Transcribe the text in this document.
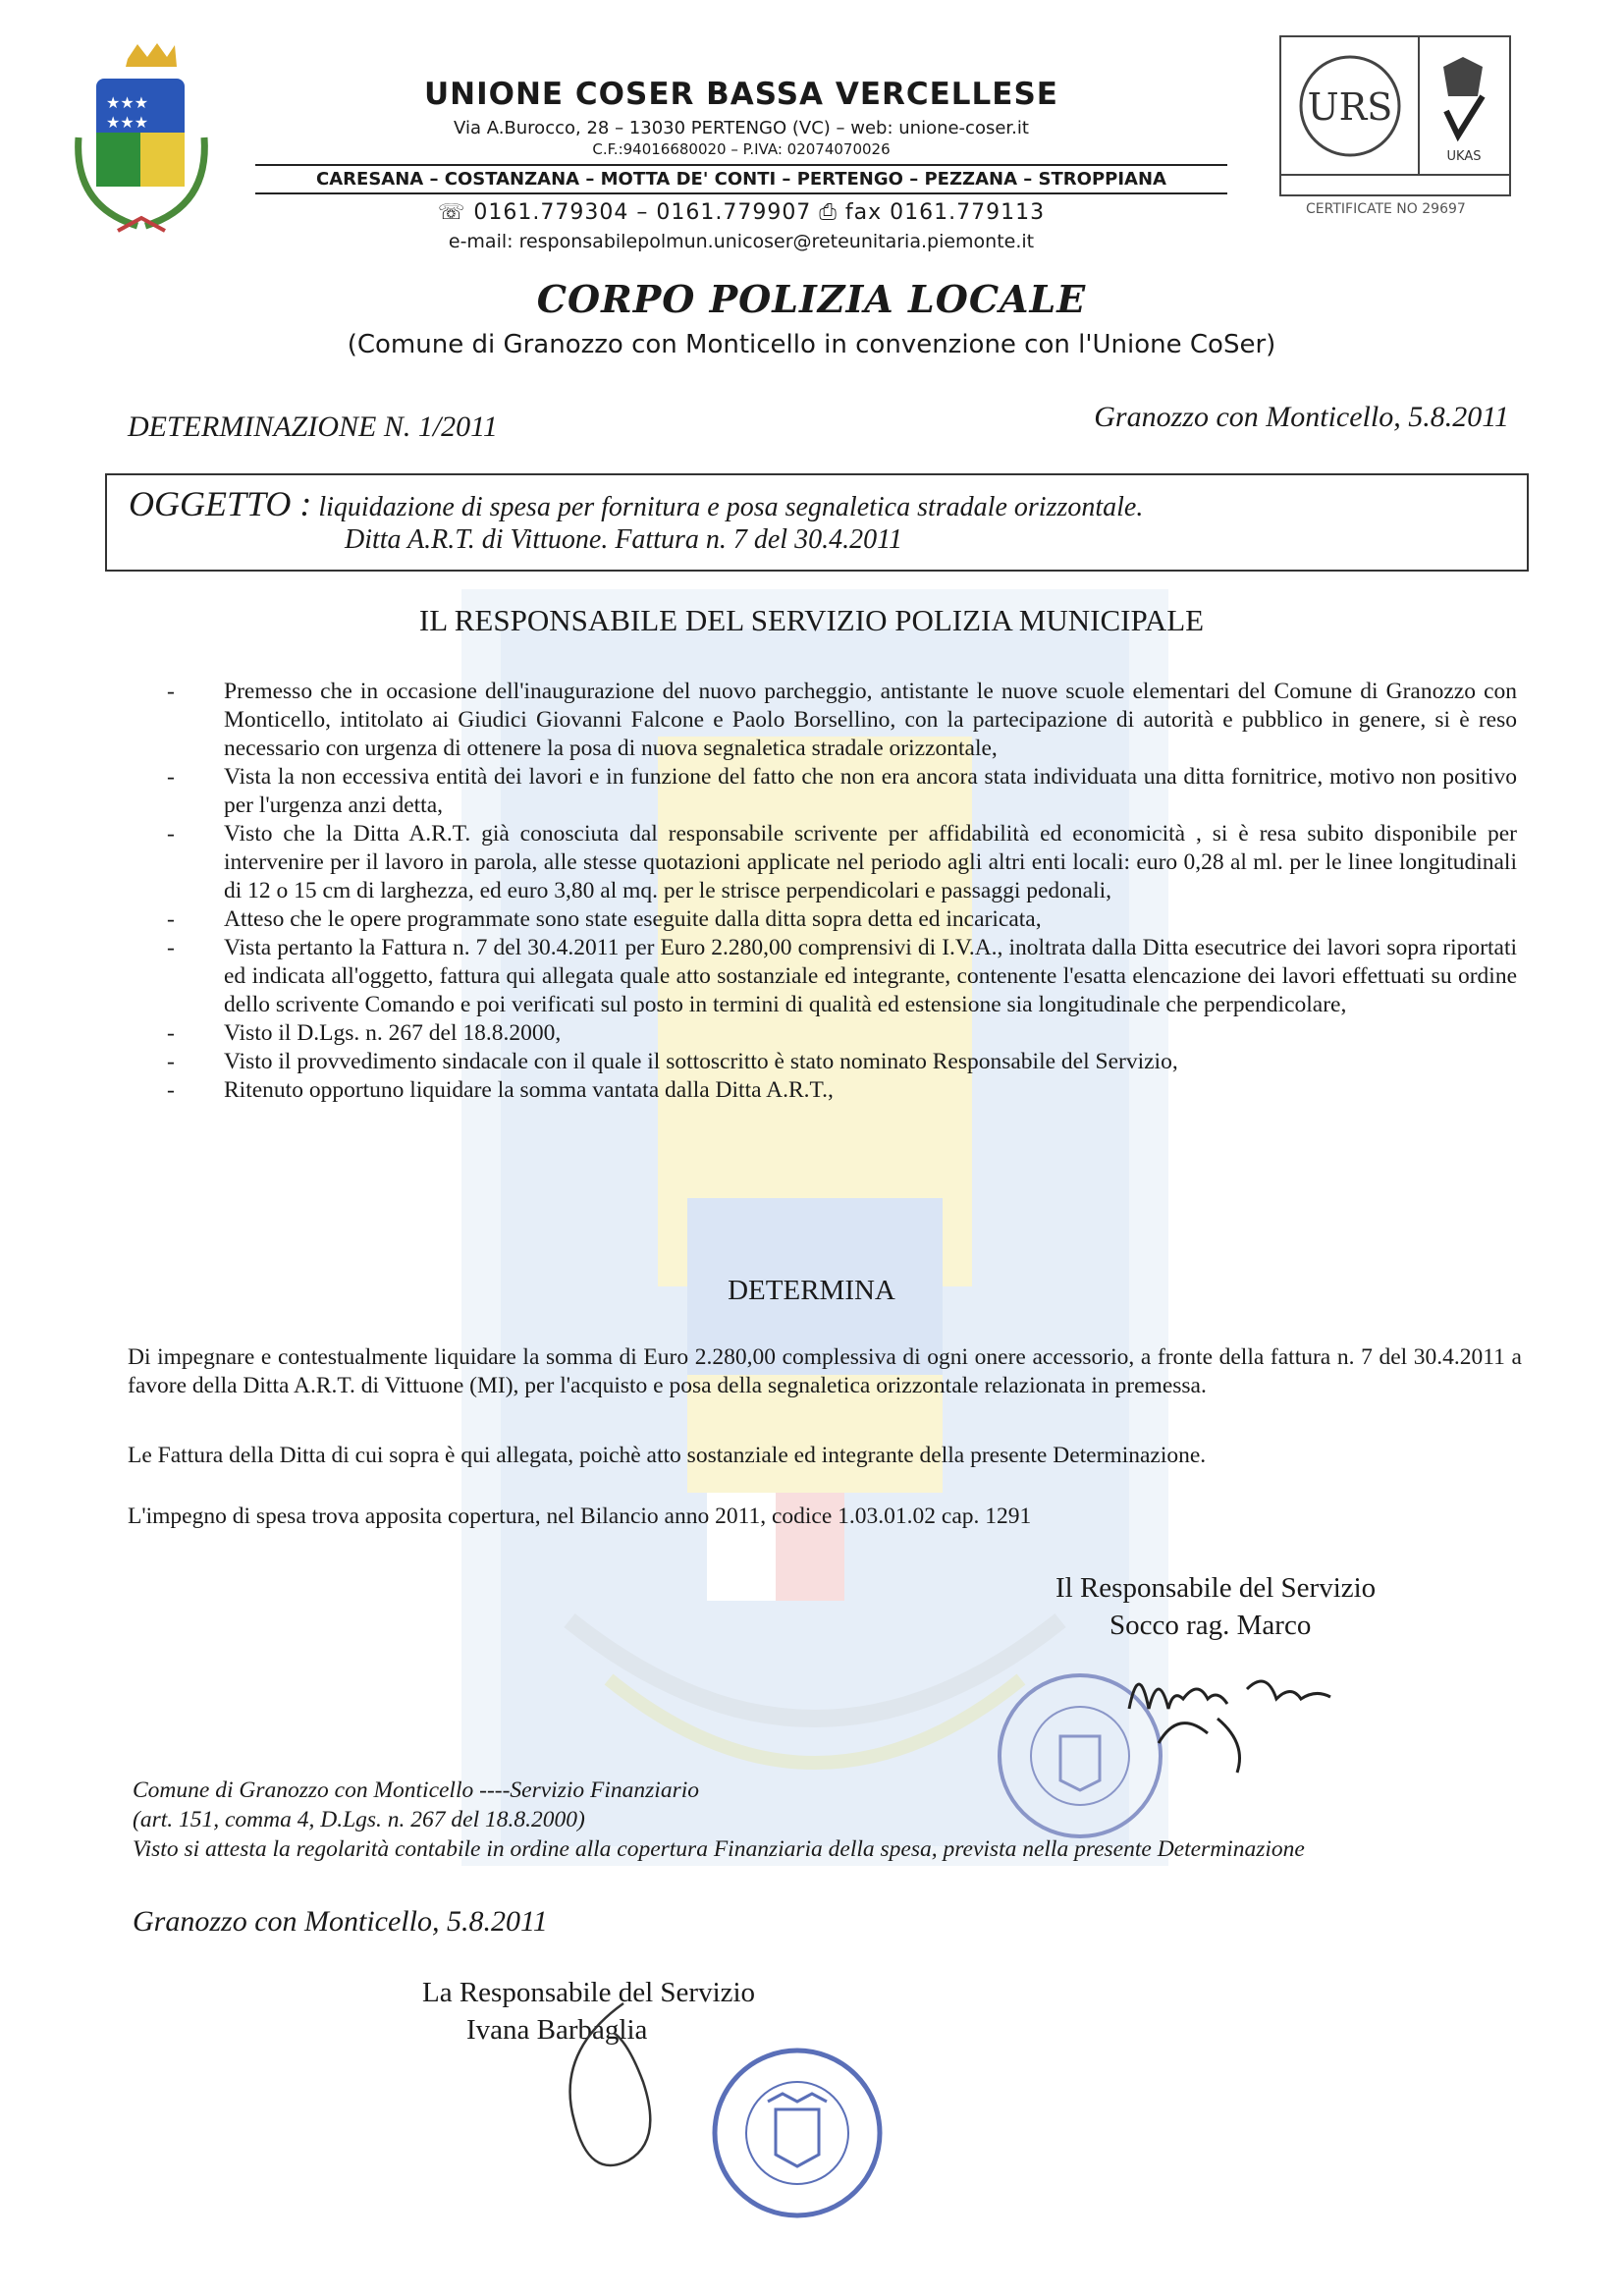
★★★
★★★
UNIONE COSER BASSA VERCELLESE
Via A.Burocco, 28 – 13030 PERTENGO (VC) – web: unione-coser.it
C.F.:94016680020 – P.IVA: 02074070026
CARESANA – COSTANZANA – MOTTA DE' CONTI – PERTENGO – PEZZANA – STROPPIANA
☏ 0161.779304 – 0161.779907 ⎙ fax 0161.779113
e-mail: responsabilepolmun.unicoser@reteunitaria.piemonte.it
URS
UKAS
CERTIFICATE NO 29697
CORPO POLIZIA LOCALE
(Comune di Granozzo con Monticello in convenzione con l'Unione CoSer)
DETERMINAZIONE N. 1/2011	Granozzo con Monticello, 5.8.2011
OGGETTO : liquidazione di spesa per fornitura e posa segnaletica stradale orizzontale.
Ditta A.R.T. di Vittuone. Fattura n. 7 del 30.4.2011
IL RESPONSABILE DEL SERVIZIO POLIZIA MUNICIPALE
- Premesso che in occasione dell'inaugurazione del nuovo parcheggio, antistante le nuove scuole elementari del Comune di Granozzo con Monticello, intitolato ai Giudici Giovanni Falcone e Paolo Borsellino, con la partecipazione di autorità e pubblico in genere, si è reso necessario con urgenza di ottenere la posa di nuova segnaletica stradale orizzontale,
- Vista la non eccessiva entità dei lavori e in funzione del fatto che non era ancora stata individuata una ditta fornitrice, motivo non positivo per l'urgenza anzi detta,
- Visto che la Ditta A.R.T. già conosciuta dal responsabile scrivente per affidabilità ed economicità , si è resa subito disponibile per intervenire per il lavoro in parola, alle stesse quotazioni applicate nel periodo agli altri enti locali: euro 0,28 al ml. per le linee longitudinali di 12 o 15 cm di larghezza, ed euro 3,80 al mq. per le strisce perpendicolari e passaggi pedonali,
- Atteso che le opere programmate sono state eseguite dalla ditta sopra detta ed incaricata,
- Vista pertanto la Fattura n. 7 del 30.4.2011 per Euro 2.280,00 comprensivi di I.V.A., inoltrata dalla Ditta esecutrice dei lavori sopra riportati ed indicata all'oggetto, fattura qui allegata quale atto sostanziale ed integrante, contenente l'esatta elencazione dei lavori effettuati su ordine dello scrivente Comando e poi verificati sul posto in termini di qualità ed estensione sia longitudinale che perpendicolare,
- Visto il D.Lgs. n. 267 del 18.8.2000,
- Visto il provvedimento sindacale con il quale il sottoscritto è stato nominato Responsabile del Servizio,
- Ritenuto opportuno liquidare la somma vantata dalla Ditta A.R.T.,
DETERMINA
Di impegnare e contestualmente liquidare la somma di Euro 2.280,00 complessiva di ogni onere accessorio, a fronte della fattura n. 7 del 30.4.2011 a favore della Ditta A.R.T. di Vittuone (MI), per l'acquisto e posa della segnaletica orizzontale relazionata in premessa.
Le Fattura della Ditta di cui sopra è qui allegata, poichè atto sostanziale ed integrante della presente Determinazione.
L'impegno di spesa trova apposita copertura, nel Bilancio anno 2011, codice 1.03.01.02 cap. 1291
Il Responsabile del Servizio
Socco rag. Marco
Comune di Granozzo con Monticello ----Servizio Finanziario
(art. 151, comma 4, D.Lgs. n. 267 del 18.8.2000)
Visto si attesta la regolarità contabile in ordine alla copertura Finanziaria della spesa, prevista nella presente Determinazione
Granozzo con Monticello, 5.8.2011
La Responsabile del Servizio
Ivana Barbaglia
